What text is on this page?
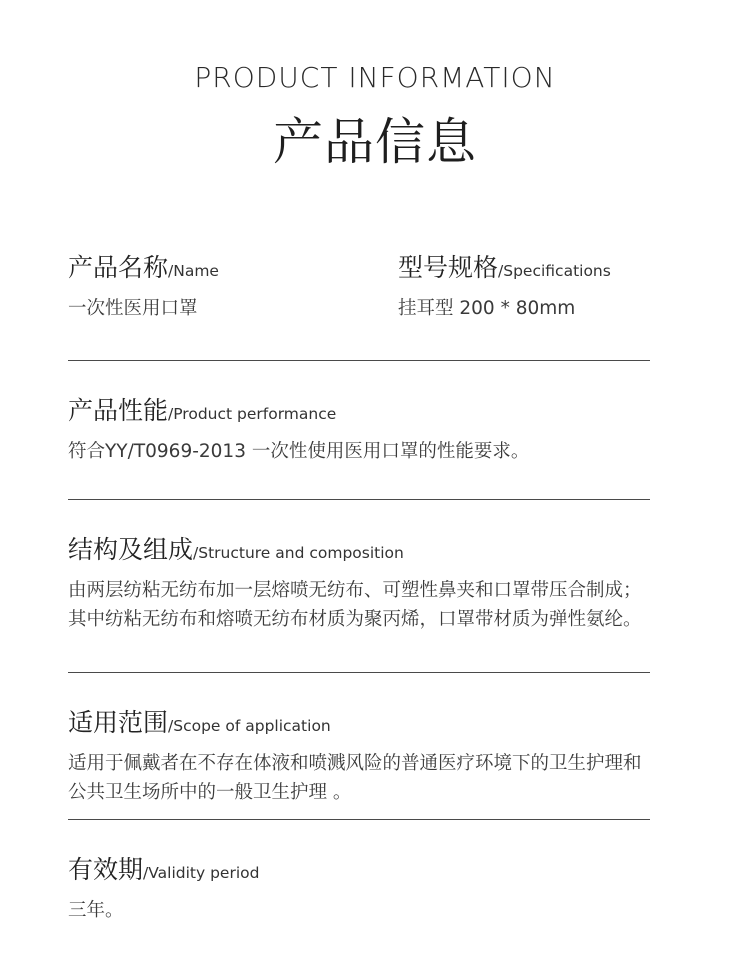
PRODUCT INFORMATION
产品信息
产品名称/Name
一次性医用口罩
型号规格/Specifications
挂耳型 200 * 80mm
产品性能/Product performance
符合YY/T0969-2013 一次性使用医用口罩的性能要求。
结构及组成/Structure and composition
由两层纺粘无纺布加一层熔喷无纺布、可塑性鼻夹和口罩带压合制成；其中纺粘无纺布和熔喷无纺布材质为聚丙烯，口罩带材质为弹性氨纶。
适用范围/Scope of application
适用于佩戴者在不存在体液和喷溅风险的普通医疗环境下的卫生护理和公共卫生场所中的一般卫生护理 。
有效期/Validity period
三年。
